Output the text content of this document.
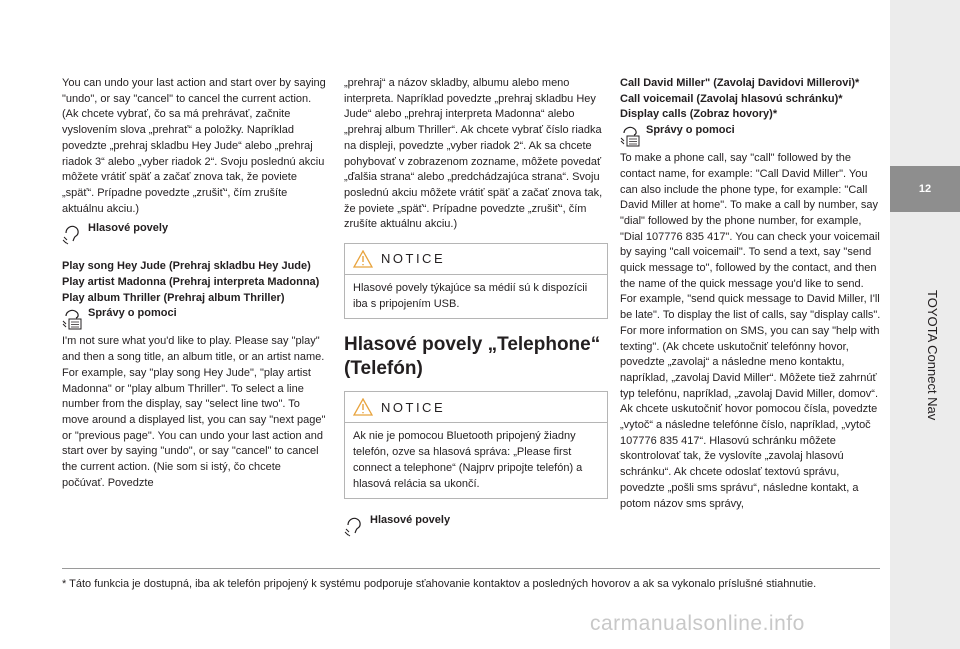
12
TOYOTA Connect Nav

You can undo your last action and start over by saying "undo", or say "cancel" to cancel the current action. (Ak chcete vybrať, čo sa má prehrávať, začnite vyslovením slova „prehrať“ a položky. Napríklad povedzte „prehraj skladbu Hey Jude“ alebo „prehraj riadok 3“ alebo „vyber riadok 2“. Svoju poslednú akciu môžete vrátiť späť a začať znova tak, že poviete „späť“. Prípadne povedzte „zrušiť“, čím zrušíte aktuálnu akciu.)

Hlasové povely

Play song Hey Jude (Prehraj skladbu Hey Jude)

Play artist Madonna (Prehraj interpreta Madonna)

Play album Thriller (Prehraj album Thriller)

Správy o pomoci

I'm not sure what you'd like to play. Please say "play" and then a song title, an album title, or an artist name. For example, say "play song Hey Jude", "play artist Madonna" or "play album Thriller". To select a line number from the display, say "select line two". To move around a displayed list, you can say "next page" or "previous page". You can undo your last action and start over by saying "undo", or say "cancel" to cancel the current action. (Nie som si istý, čo chcete počúvať. Povedzte

„prehraj“ a názov skladby, albumu alebo meno interpreta. Napríklad povedzte „prehraj skladbu Hey Jude“ alebo „prehraj interpreta Madonna“ alebo „prehraj album Thriller“. Ak chcete vybrať číslo riadka na displeji, povedzte „vyber riadok 2“. Ak sa chcete pohybovať v zobrazenom zozname, môžete povedať „ďalšia strana“ alebo „predchádzajúca strana“. Svoju poslednú akciu môžete vrátiť späť a začať znova tak, že poviete „späť“. Prípadne povedzte „zrušiť“, čím zrušíte aktuálnu akciu.)

NOTICE
Hlasové povely týkajúce sa médií sú k dispozícii iba s pripojením USB.
Hlasové povely „Telephone“ (Telefón)
NOTICE
Ak nie je pomocou Bluetooth pripojený žiadny telefón, ozve sa hlasová správa: „Please first connect a telephone“ (Najprv pripojte telefón) a hlasová relácia sa ukončí.
Hlasové povely

Call David Miller" (Zavolaj Davidovi Millerovi)*

Call voicemail (Zavolaj hlasovú schránku)*

Display calls (Zobraz hovory)*

Správy o pomoci

To make a phone call, say "call" followed by the contact name, for example: "Call David Miller". You can also include the phone type, for example: "Call David Miller at home". To make a call by number, say "dial" followed by the phone number, for example, "Dial 107776 835 417". You can check your voicemail by saying "call voicemail". To send a text, say "send quick message to", followed by the contact, and then the name of the quick message you'd like to send. For example, "send quick message to David Miller, I'll be late". To display the list of calls, say "display calls". For more information on SMS, you can say "help with texting". (Ak chcete uskutočniť telefónny hovor, povedzte „zavolaj“ a následne meno kontaktu, napríklad, „zavolaj David Miller“. Môžete tiež zahrnúť typ telefónu, napríklad, „zavolaj David Miller, domov“. Ak chcete uskutočniť hovor pomocou čísla, povedzte „vytoč“ a následne telefónne číslo, napríklad, „vytoč 107776 835 417“. Hlasovú schránku môžete skontrolovať tak, že vyslovíte „zavolaj hlasovú schránku“. Ak chcete odoslať textovú správu, povedzte „pošli sms správu“, následne kontakt, a potom názov sms správy,

* Táto funkcia je dostupná, iba ak telefón pripojený k systému podporuje sťahovanie kontaktov a posledných hovorov a ak sa vykonalo príslušné stiahnutie.
carmanualsonline.info
